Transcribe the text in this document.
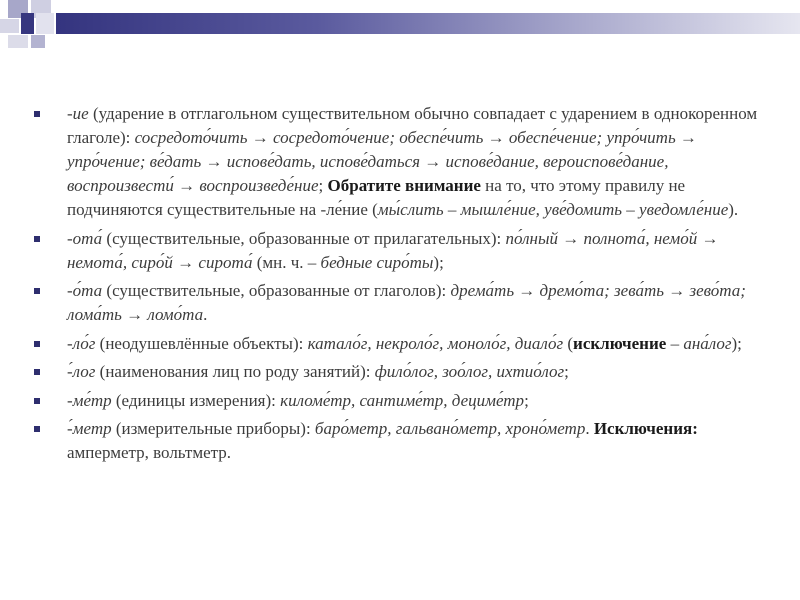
-ие (ударение в отглагольном существительном обычно совпадает с ударением в однокоренном глаголе): сосредото́чить → сосредото́чение; обеспе́чить → обеспе́чение; упро́чить → упро́чение; ве́дать → испове́дать, испове́даться → испове́дание, вероиспове́дание, воспроизвести́ → воспроизведе́ние; Обратите внимание на то, что этому правилу не подчиняются существительные на -ле́ние (мы́слить – мышле́ние, уве́домить – уведомле́ние).
-ота́ (существительные, образованные от прилагательных): по́лный → полнота́, немо́й → немота́, сиро́й → сирота́ (мн. ч. – бедные сиро́ты);
-о́та (существительные, образованные от глаголов): дрема́ть → дремо́та; зева́ть → зево́та; лома́ть → ломо́та.
-ло́г (неодушевлённые объекты): катало́г, некроло́г, моноло́г, диало́г (исключение – ана́лог);
-́лог (наименования лиц по роду занятий): фило́лог, зоо́лог, ихтио́лог;
-ме́тр (единицы измерения): киломе́тр, сантиме́тр, дециме́тр;
-́метр (измерительные приборы): баро́метр, гальвано́метр, хроно́метр. Исключения: амперметр, вольтметр.
